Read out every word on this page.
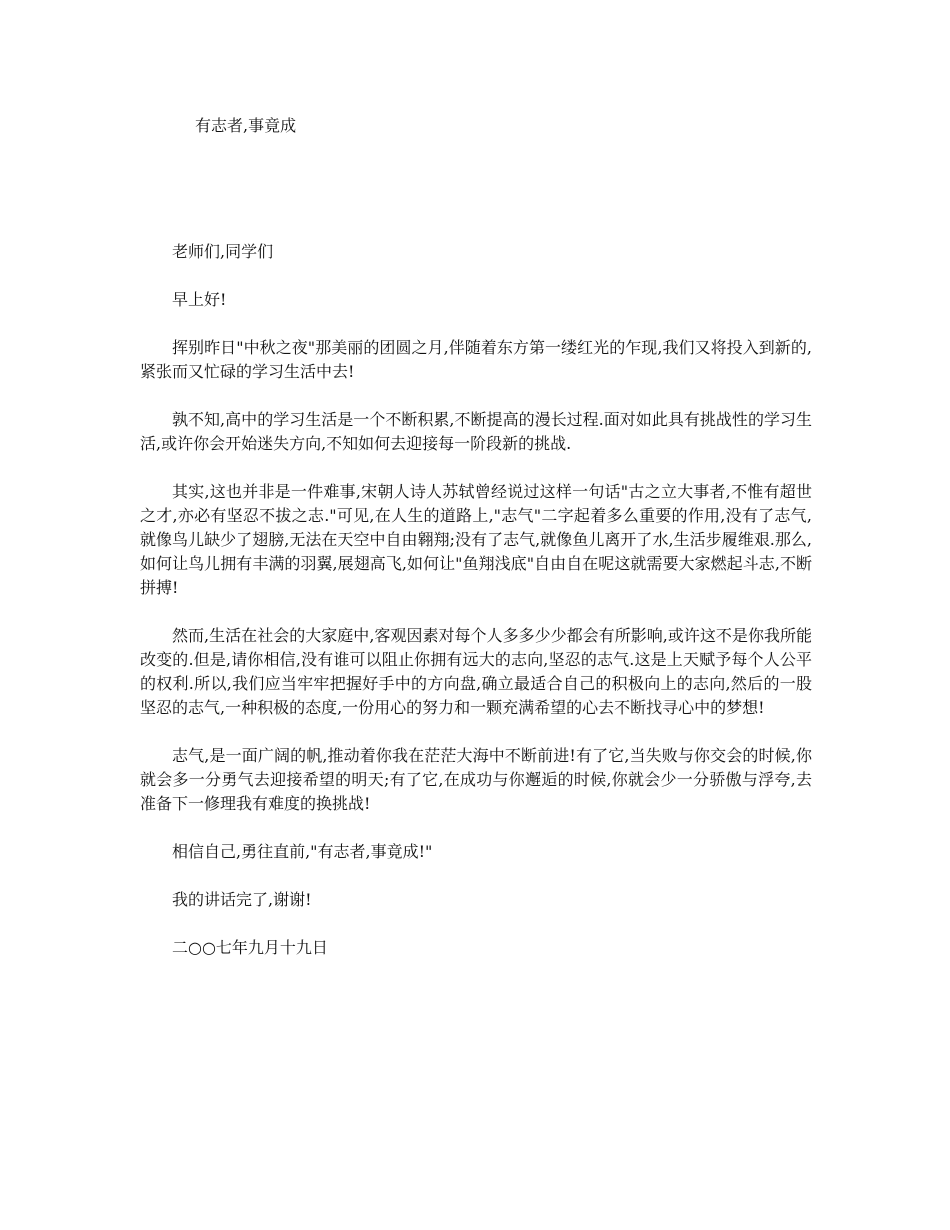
有志者,事竟成

老师们,同学们

早上好!

挥别昨日"中秋之夜"那美丽的团圆之月,伴随着东方第一缕红光的乍现,我们又将投入到新的,紧张而又忙碌的学习生活中去!

孰不知,高中的学习生活是一个不断积累,不断提高的漫长过程.面对如此具有挑战性的学习生活,或许你会开始迷失方向,不知如何去迎接每一阶段新的挑战.

其实,这也并非是一件难事,宋朝人诗人苏轼曾经说过这样一句话"古之立大事者,不惟有超世之才,亦必有坚忍不拔之志."可见,在人生的道路上,"志气"二字起着多么重要的作用,没有了志气,就像鸟儿缺少了翅膀,无法在天空中自由翱翔;没有了志气,就像鱼儿离开了水,生活步履维艰.那么,如何让鸟儿拥有丰满的羽翼,展翅高飞,如何让"鱼翔浅底"自由自在呢这就需要大家燃起斗志,不断拼搏!

然而,生活在社会的大家庭中,客观因素对每个人多多少少都会有所影响,或许这不是你我所能改变的.但是,请你相信,没有谁可以阻止你拥有远大的志向,坚忍的志气.这是上天赋予每个人公平的权利.所以,我们应当牢牢把握好手中的方向盘,确立最适合自己的积极向上的志向,然后的一股坚忍的志气,一种积极的态度,一份用心的努力和一颗充满希望的心去不断找寻心中的梦想!

志气,是一面广阔的帆,推动着你我在茫茫大海中不断前进!有了它,当失败与你交会的时候,你就会多一分勇气去迎接希望的明天;有了它,在成功与你邂逅的时候,你就会少一分骄傲与浮夸,去准备下一修理我有难度的换挑战!

相信自己,勇往直前,"有志者,事竟成!"

我的讲话完了,谢谢!

二○○七年九月十九日
